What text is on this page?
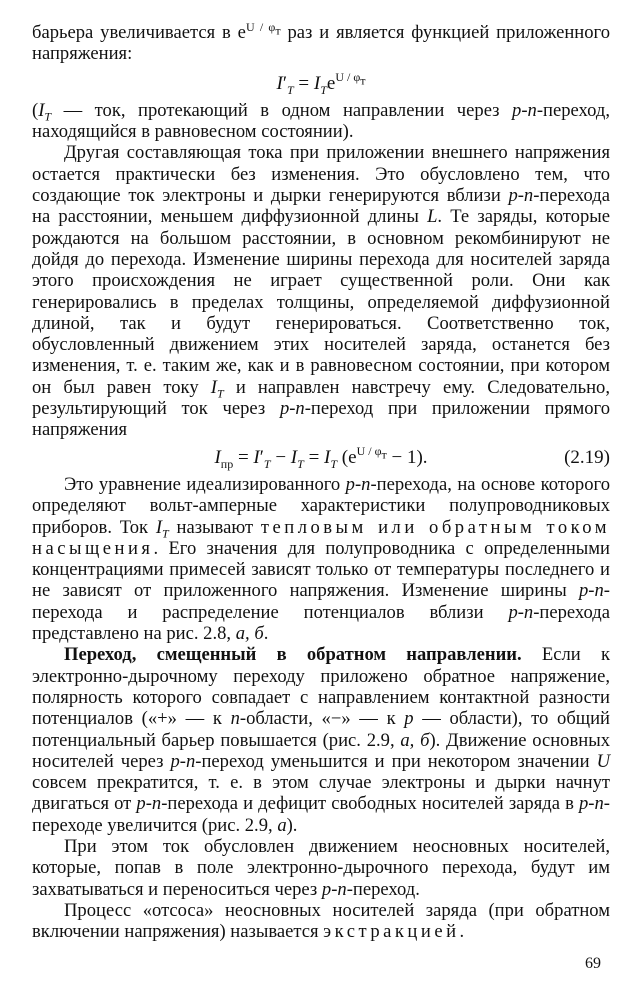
барьера увеличивается в $e^{U / \varphi_т}$ раз и является функцией приложенного напряжения:

$I'_T = I_Te^{U / \varphi_т}$

($I_T$ — ток, протекающий в одном направлении через p-n-переход, находящийся в равновесном состоянии).

Другая составляющая тока при приложении внешнего напряжения остается практически без изменения. Это обусловлено тем, что создающие ток электроны и дырки генерируются вблизи p-n-перехода на расстоянии, меньшем диффузионной длины L. Те заряды, которые рождаются на большом расстоянии, в основном рекомбинируют не дойдя до перехода. Изменение ширины перехода для носителей заряда этого происхождения не играет существенной роли. Они как генерировались в пределах толщины, определяемой диффузионной длиной, так и будут генерироваться. Соответственно ток, обусловленный движением этих носителей заряда, останется без изменения, т. е. таким же, как и в равновесном состоянии, при котором он был равен току $I_T$ и направлен навстречу ему. Следовательно, результирующий ток через p-n-переход при приложении прямого напряжения

$I_{пр} = I'_T - I_T = I_T$ $(e^{U / \varphi_т} - 1)$.	(2.19)

Это уравнение идеализированного p-n-перехода, на основе которого определяют вольт-амперные характеристики полупроводниковых приборов. Ток $I_T$ называют тепловым или обратным током насыщения. Его значения для полупроводника с определенными концентрациями примесей зависят только от температуры последнего и не зависят от приложенного напряжения. Изменение ширины p-n-перехода и распределение потенциалов вблизи p-n-перехода представлено на рис. 2.8, а, б.

Переход, смещенный в обратном направлении. Если к электронно-дырочному переходу приложено обратное напряжение, полярность которого совпадает с направлением контактной разности потенциалов («+» — к n-области, «−» — к p — области), то общий потенциальный барьер повышается (рис. 2.9, а, б). Движение основных носителей через p-n-переход уменьшится и при некотором значении U совсем прекратится, т. е. в этом случае электроны и дырки начнут двигаться от p-n-перехода и дефицит свободных носителей заряда в p-n-переходе увеличится (рис. 2.9, а).

При этом ток обусловлен движением неосновных носителей, которые, попав в поле электронно-дырочного перехода, будут им захватываться и переноситься через p-n-переход.

Процесс «отсоса» неосновных носителей заряда (при обратном включении напряжения) называется экстракцией.

69
